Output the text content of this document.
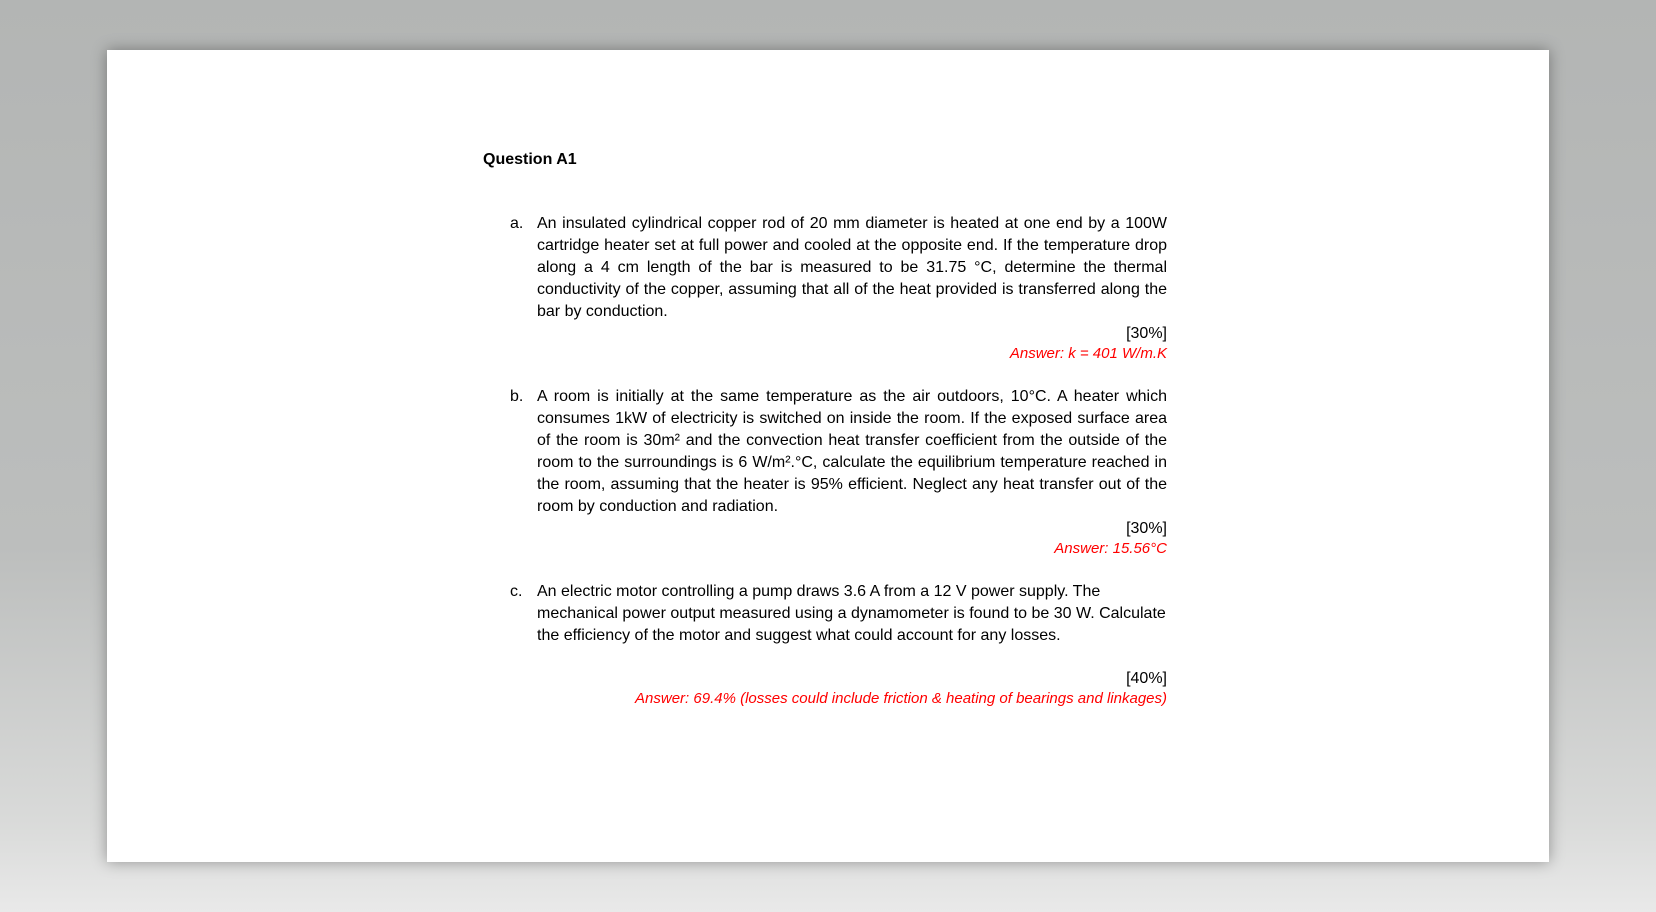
Question A1
a. An insulated cylindrical copper rod of 20 mm diameter is heated at one end by a 100W cartridge heater set at full power and cooled at the opposite end. If the temperature drop along a 4 cm length of the bar is measured to be 31.75 °C, determine the thermal conductivity of the copper, assuming that all of the heat provided is transferred along the bar by conduction.

[30%]
Answer: k = 401 W/m.K
b. A room is initially at the same temperature as the air outdoors, 10°C. A heater which consumes 1kW of electricity is switched on inside the room. If the exposed surface area of the room is 30m² and the convection heat transfer coefficient from the outside of the room to the surroundings is 6 W/m².°C, calculate the equilibrium temperature reached in the room, assuming that the heater is 95% efficient. Neglect any heat transfer out of the room by conduction and radiation.

[30%]
Answer: 15.56°C
c. An electric motor controlling a pump draws 3.6 A from a 12 V power supply. The mechanical power output measured using a dynamometer is found to be 30 W. Calculate the efficiency of the motor and suggest what could account for any losses.

[40%]
Answer: 69.4% (losses could include friction & heating of bearings and linkages)
